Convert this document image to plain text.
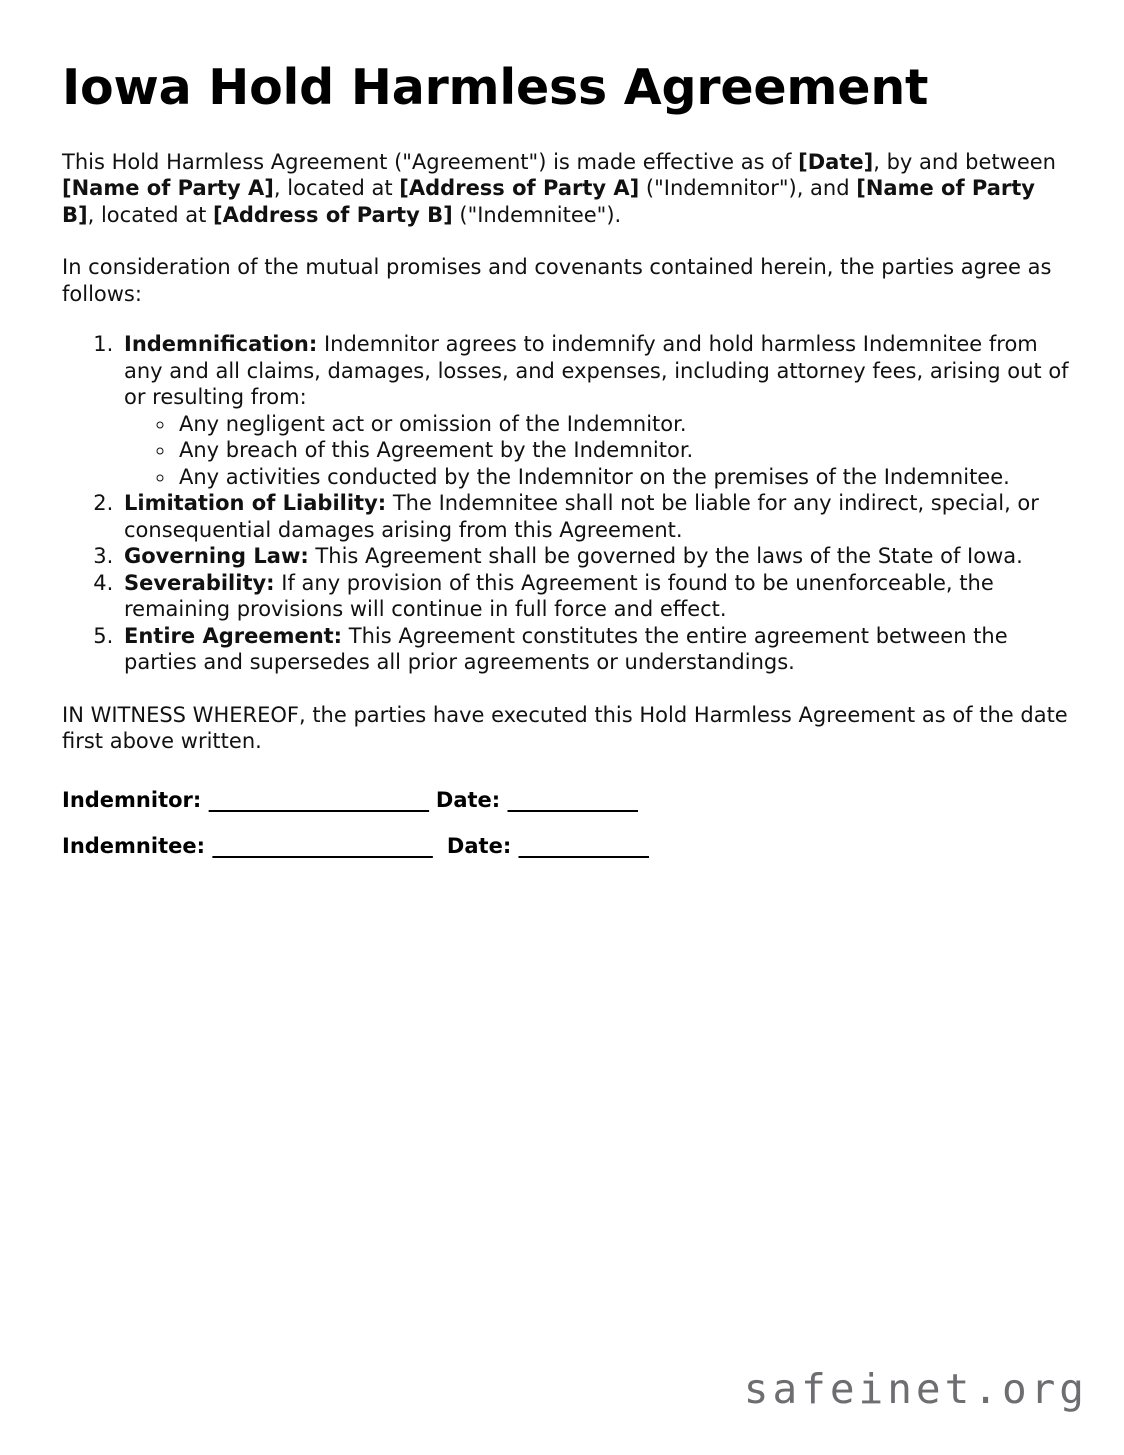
Iowa Hold Harmless Agreement

This Hold Harmless Agreement ("Agreement") is made effective as of [Date], by and between [Name of Party A], located at [Address of Party A] ("Indemnitor"), and [Name of Party B], located at [Address of Party B] ("Indemnitee").

In consideration of the mutual promises and covenants contained herein, the parties agree as follows:

1. Indemnification: Indemnitor agrees to indemnify and hold harmless Indemnitee from any and all claims, damages, losses, and expenses, including attorney fees, arising out of or resulting from:
◦ Any negligent act or omission of the Indemnitor.
◦ Any breach of this Agreement by the Indemnitor.
◦ Any activities conducted by the Indemnitor on the premises of the Indemnitee.
2. Limitation of Liability: The Indemnitee shall not be liable for any indirect, special, or consequential damages arising from this Agreement.
3. Governing Law: This Agreement shall be governed by the laws of the State of Iowa.
4. Severability: If any provision of this Agreement is found to be unenforceable, the remaining provisions will continue in full force and effect.
5. Entire Agreement: This Agreement constitutes the entire agreement between the parties and supersedes all prior agreements or understandings.

IN WITNESS WHEREOF, the parties have executed this Hold Harmless Agreement as of the date first above written.

Indemnitor: ______________________ Date: _____________
Indemnitee: ______________________  Date: _____________
safeinet.org
